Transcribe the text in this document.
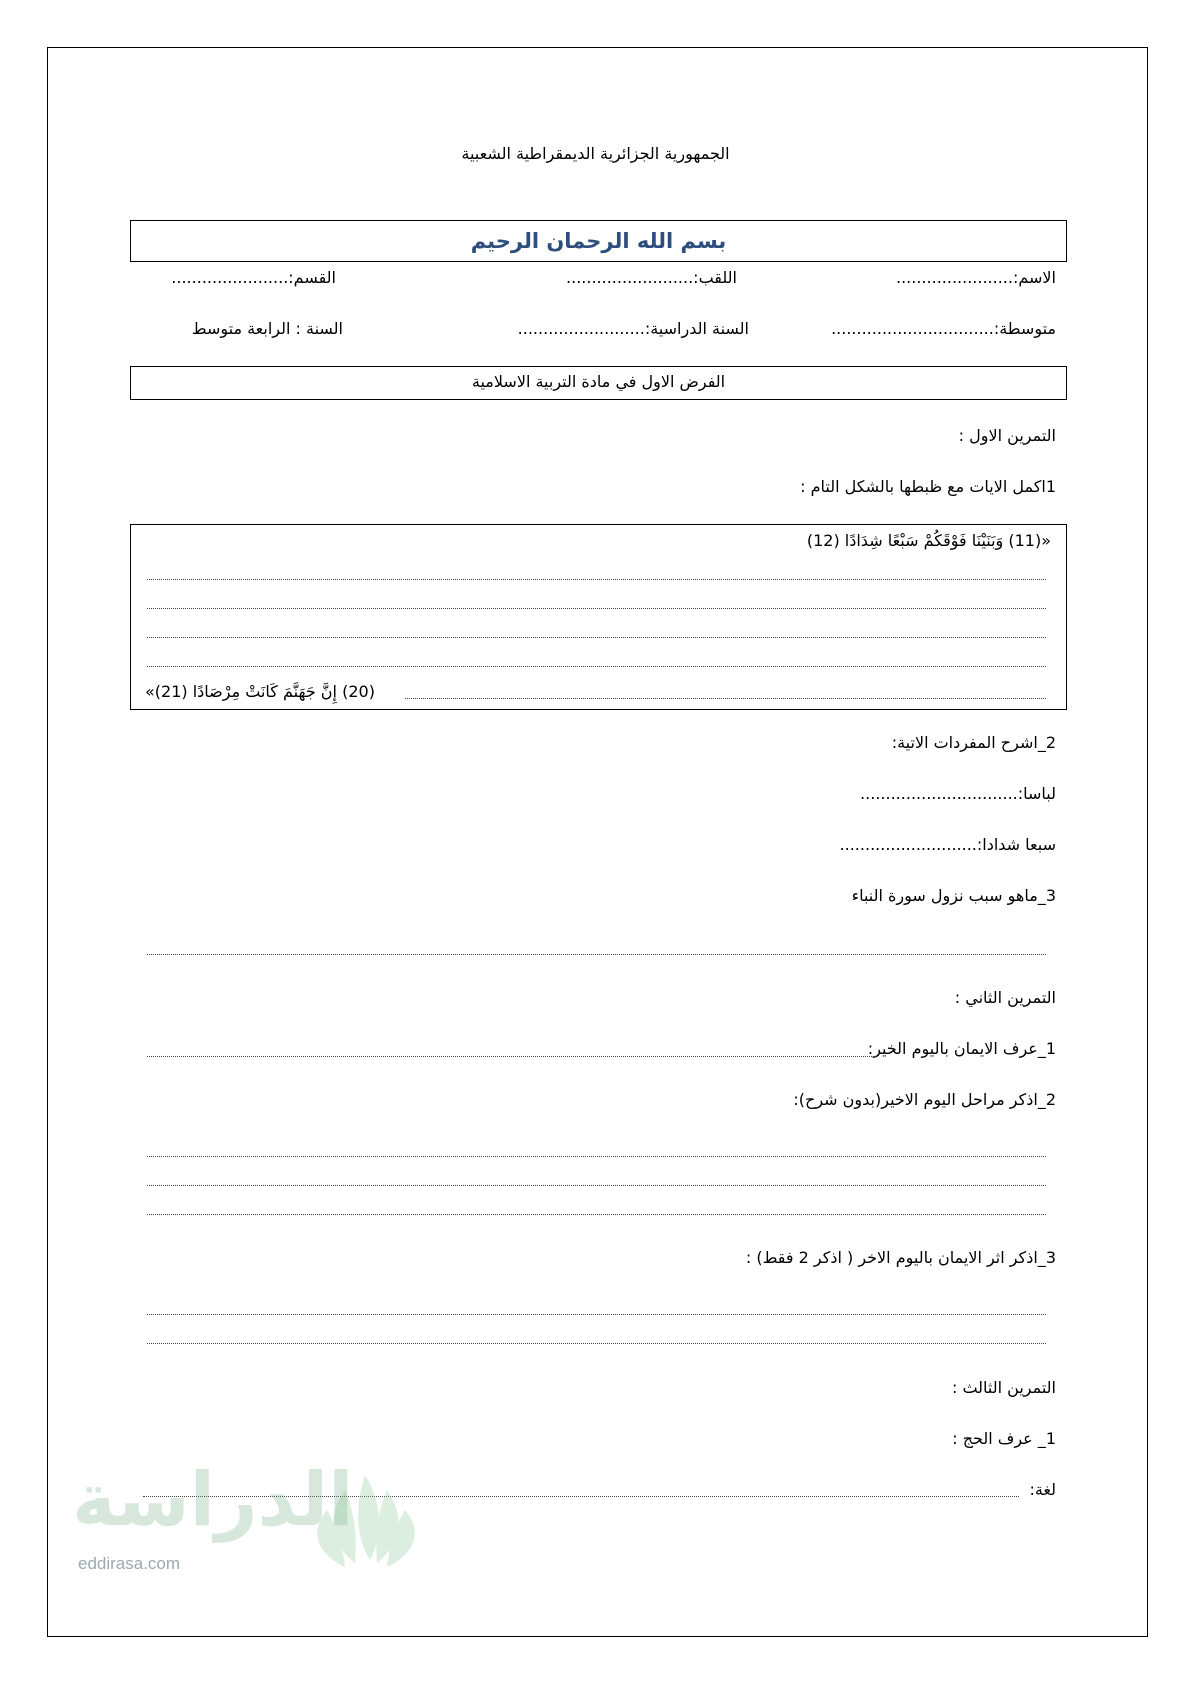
الجمهورية الجزائرية الديمقراطية الشعبية
بسم الله الرحمان الرحيم
الاسم:.......................
اللقب:.........................
القسم:.......................
متوسطة:................................
السنة الدراسية:.........................
السنة : الرابعة متوسط
الفرض الاول في مادة التربية الاسلامية
التمرين الاول :
1اكمل الايات مع ظبطها بالشكل التام :
«(11) وَبَنَيْنَا فَوْقَكُمْ سَبْعًا شِدَادًا (12)
(20) إِنَّ جَهَنَّمَ كَانَتْ مِرْصَادًا (21)»
2_اشرح المفردات الاتية:
لباسا:...............................
سبعا شدادا:...........................
3_ماهو سبب نزول سورة النباء
التمرين الثاني :
1_عرف الايمان باليوم الخير:
2_اذكر مراحل اليوم الاخير(بدون شرح):
3_اذكر اثر الايمان باليوم الاخر ( اذكر 2 فقط) :
التمرين الثالث :
1_ عرف الحج :
لغة:
الدراسة
eddirasa.com
